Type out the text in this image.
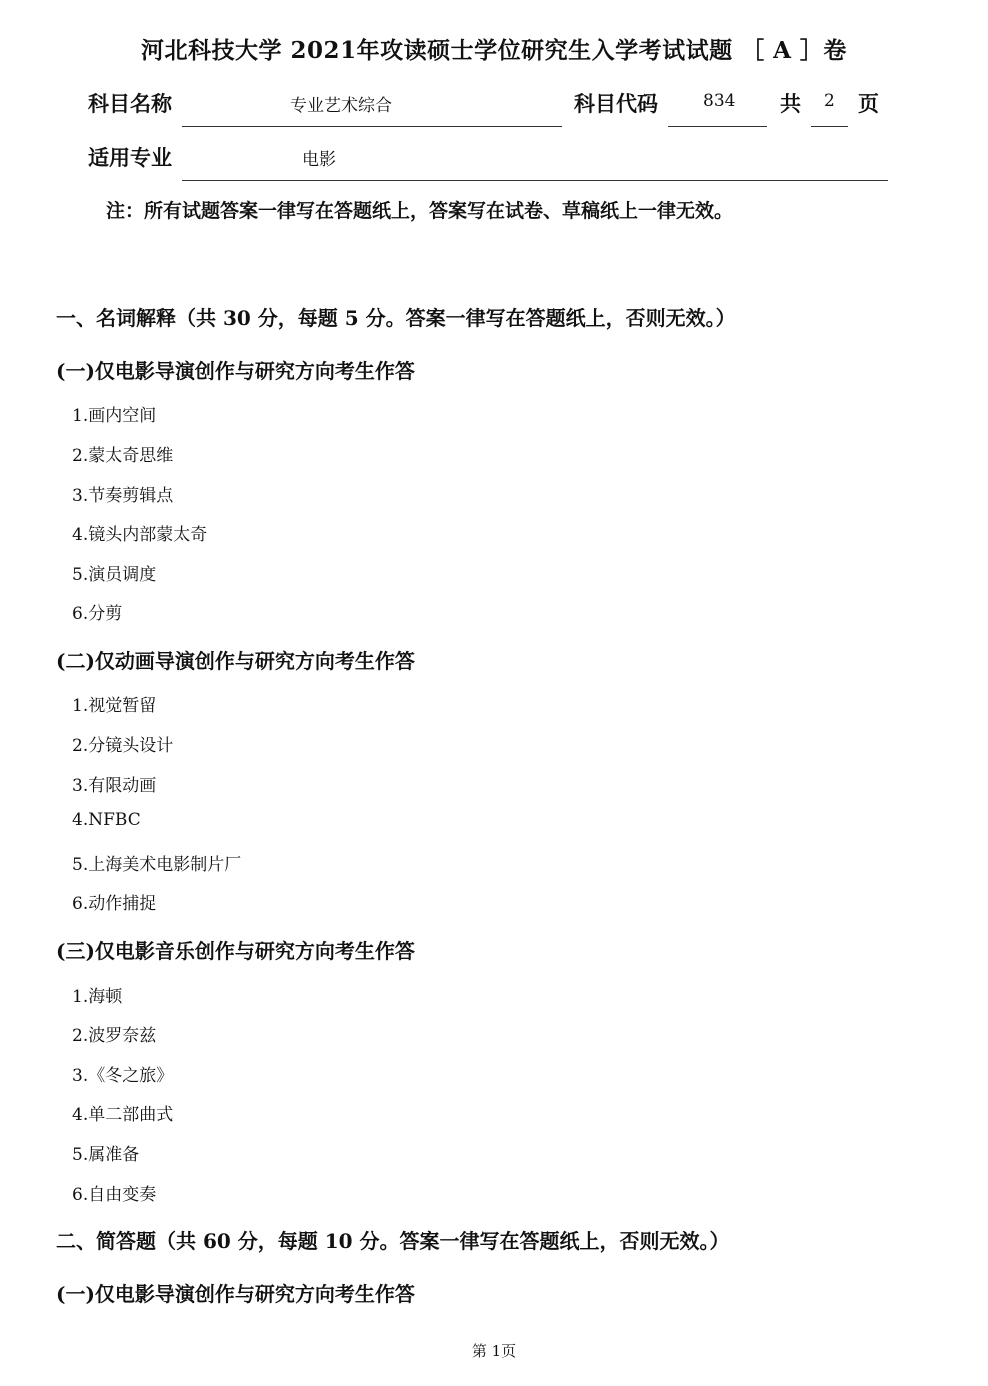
河北科技大学 2021年攻读硕士学位研究生入学考试试题 ［ A ］卷
科目名称	专业艺术综合	科目代码	834 共 2 页
适用专业	电影
注：所有试题答案一律写在答题纸上，答案写在试卷、草稿纸上一律无效。
一、名词解释（共 30 分，每题 5 分。答案一律写在答题纸上，否则无效。）
(一)仅电影导演创作与研究方向考生作答
1.画内空间
2.蒙太奇思维
3.节奏剪辑点
4.镜头内部蒙太奇
5.演员调度
6.分剪
(二)仅动画导演创作与研究方向考生作答
1.视觉暂留
2.分镜头设计
3.有限动画
4.NFBC
5.上海美术电影制片厂
6.动作捕捉
(三)仅电影音乐创作与研究方向考生作答
1.海顿
2.波罗奈兹
3.《冬之旅》
4.单二部曲式
5.属准备
6.自由变奏
二、简答题（共 60 分，每题 10 分。答案一律写在答题纸上，否则无效。）
(一)仅电影导演创作与研究方向考生作答
第 1页
